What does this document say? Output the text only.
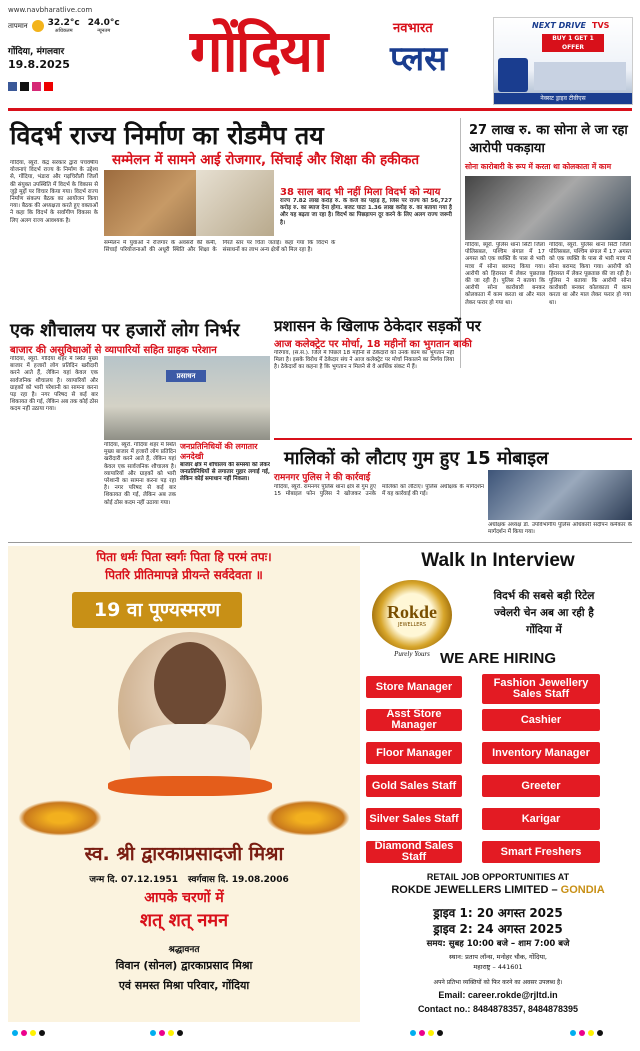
www.navbharatlive.com
तापमान 32.2°c
अधिकतम
24.0°c
न्यूनतम
गोंदिया, मंगलवार
19.8.2025 गोंदिया	नवभारत
प्लस
NEXT DRIVE TVS
BUY 1 GET 1 OFFER
नेक्सट ड्राइव टीवीएस
विदर्भ राज्य निर्माण का रोडमैप तय
सम्मेलन में सामने आई रोजगार, सिंचाई और शिक्षा की हकीकत
गोंदिया, ब्यूरो. केंद्र सरकार द्वारा पंचवर्षीय योजनाएं विदर्भ राज्य के निर्माण के उद्देश्य से, गोंदिया, भंडारा और गढ़चिरौली जिलों की संयुक्त उपस्थिति में विदर्भ के विकास से जुड़े मुद्दों पर विचार किया गया। विदर्भ राज्य निर्माण संकल्प बैठक का आयोजन किया गया। बैठक की अध्यक्षता करते हुए वक्ताओं ने कहा कि विदर्भ के सर्वांगीण विकास के लिए अलग राज्य आवश्यक है।
38 साल बाद भी नहीं मिला विदर्भ को न्याय
राज्य 7.82 लाख करोड़ रु. के कर्ज का पहाड़ है, जिस पर राज्य को 56,727 करोड़ रु. का ब्याज देना होगा. बजट घाटा 1.36 लाख करोड़ रु. का बताया गया है और यह बढ़ता जा रहा है। विदर्भ का पिछड़ापन दूर करने के लिए अलग राज्य जरूरी है।
सम्मेलन में युवाओं ने रोजगार के अवसरों की कमी, सिंचाई परियोजनाओं की अधूरी स्थिति और शिक्षा के गिरते स्तर पर चिंता जताई। कहा गया कि विदर्भ के संसाधनों का लाभ अन्य क्षेत्रों को मिल रहा है।
27 लाख रु. का सोना ले जा रहा आरोपी पकड़ाया
सोना कारोबारी के रूप में करता था कोलकाता में काम
गोंदिया, ब्यूरो. पुलिस थाना सिटी जिला पोलिसबल, पश्चिम बंगाल में 17 अगस्त को एक व्यक्ति के पास से भारी मात्रा में सोना बरामद किया गया। आरोपी को हिरासत में लेकर पूछताछ की जा रही है। पुलिस ने बताया कि आरोपी सोना कारोबारी बनकर कोलकाता में काम करता था और माल लेकर फरार हो गया था।
गोंदिया, ब्यूरो. पुलिस थाना सिटी जिला पोलिसबल, पश्चिम बंगाल में 17 अगस्त को एक व्यक्ति के पास से भारी मात्रा में सोना बरामद किया गया। आरोपी को हिरासत में लेकर पूछताछ की जा रही है। पुलिस ने बताया कि आरोपी सोना कारोबारी बनकर कोलकाता में काम करता था और माल लेकर फरार हो गया था।
एक शौचालय पर हजारों लोग निर्भर
बाजार की असुविधाओं से व्यापारियों सहित ग्राहक परेशान
गोंदिया, ब्यूरो. गोंदिया शहर में स्थित मुख्य बाजार में हजारों लोग प्रतिदिन खरीदारी करने आते हैं, लेकिन यहां केवल एक सार्वजनिक शौचालय है। व्यापारियों और ग्राहकों को भारी परेशानी का सामना करना पड़ रहा है। नगर परिषद से कई बार शिकायत की गई, लेकिन अब तक कोई ठोस कदम नहीं उठाया गया।
प्रसाधन
जनप्रतिनिधियों की लगातार अनदेखी
बाजार क्षेत्र में शौचालय की समस्या को लेकर जनप्रतिनिधियों से लगातार गुहार लगाई गई, लेकिन कोई समाधान नहीं निकला।
गोंदिया, ब्यूरो. गोंदिया शहर में स्थित मुख्य बाजार में हजारों लोग प्रतिदिन खरीदारी करने आते हैं, लेकिन यहां केवल एक सार्वजनिक शौचालय है। व्यापारियों और ग्राहकों को भारी परेशानी का सामना करना पड़ रहा है। नगर परिषद से कई बार शिकायत की गई, लेकिन अब तक कोई ठोस कदम नहीं उठाया गया।
प्रशासन के खिलाफ ठेकेदार सड़कों पर
आज कलेक्ट्रेट पर मोर्चा, 18 महीनों का भुगतान बाकी
गोरेगांव, (स.सं.). जिले में पिछले 18 महीनों से ठेकेदारों को उनके काम का भुगतान नहीं मिला है। इसके विरोध में ठेकेदार संघ ने आज कलेक्ट्रेट पर मोर्चा निकालने का निर्णय लिया है। ठेकेदारों का कहना है कि भुगतान न मिलने से वे आर्थिक संकट में हैं।
मालिकों को लौटाए गुम हुए 15 मोबाइल
रामनगर पुलिस ने की कार्रवाई
गोंदिया, ब्यूरो. रामनगर पुलिस थाना क्षेत्र से गुम हुए 15 मोबाइल फोन पुलिस ने खोजकर उनके मालिकों को लौटाए। पुलिस अधीक्षक के मार्गदर्शन में यह कार्रवाई की गई।
अधीक्षक अध्यक्ष डॉ. उपविभागीय पुलिस अधिकारी संदीपन कर्मकार के मार्गदर्शन में किया गया।
पिता धर्मः पिता स्वर्गः पिता हि परमं तपः।
पितरि प्रीतिमापन्ने प्रीयन्ते सर्वदेवता ॥
19 वा पूण्यस्मरण
स्व. श्री द्वारकाप्रसादजी मिश्रा
जन्म दि. 07.12.1951 स्वर्गवास दि. 19.08.2006
आपके चरणों में
शत् शत् नमन
श्रद्धावनत
विवान (सोनल) द्वारकाप्रसाद मिश्रा
एवं समस्त मिश्रा परिवार, गोंदिया
Walk In Interview
Rokde
JEWELLERS
Purely Yours
विदर्भ की सबसे बड़ी रिटेल
ज्वेलरी चेन अब आ रही है
गोंदिया में
WE ARE HIRING
Store Manager
Asst Store Manager
Floor Manager
Gold Sales Staff
Silver Sales Staff
Diamond Sales Staff
Fashion Jewellery Sales Staff
Cashier
Inventory Manager
Greeter
Karigar
Smart Freshers
RETAIL JOB OPPORTUNITIES AT
ROKDE JEWELLERS LIMITED – GONDIA
ड्राइव 1: 20 अगस्त 2025
ड्राइव 2: 24 अगस्त 2025
समय: सुबह 10:00 बजे – शाम 7:00 बजे
स्थान: प्रताप लॉन्स, मनोहर चौक, गोंदिया,
महाराष्ट्र – 441601
अपने प्रतिभा व्यक्तियों को फिर करने का अवसर उपलब्ध है।
Email: career.rokde@rjltd.in
Contact no.: 8484878357, 8484878395
